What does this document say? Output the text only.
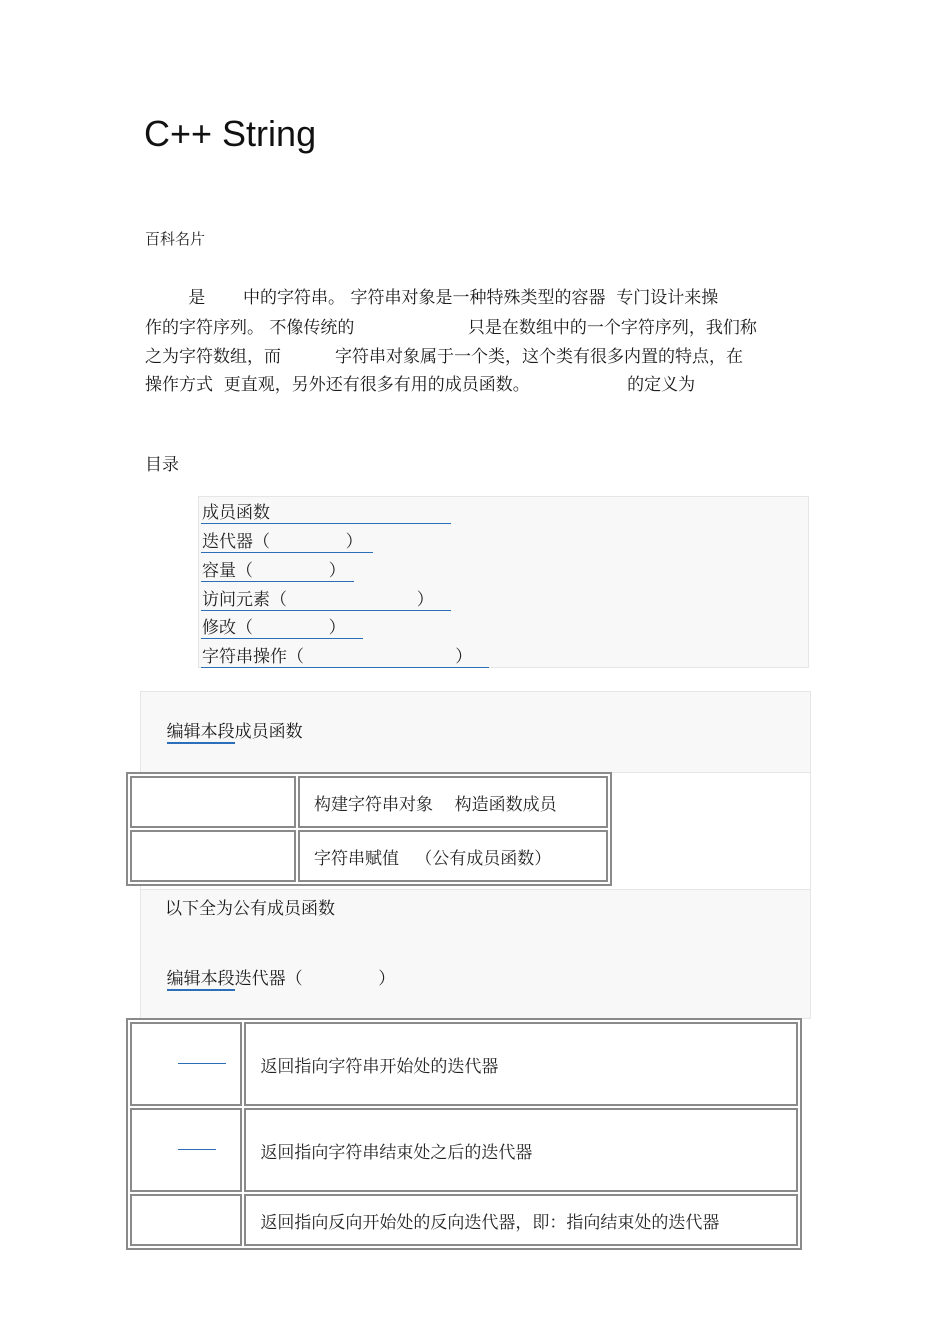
C++ String
百科名片
是       中的字符串。 字符串对象是一种特殊类型的容器  专门设计来操
作的字符序列。 不像传统的                     只是在数组中的一个字符序列，我们称
之为字符数组，而          字符串对象属于一个类，这个类有很多内置的特点，在
操作方式  更直观，另外还有很多有用的成员函数。                  的定义为
目录
成员函数
迭代器（              ）
容量（              ）
访问元素（                        ）
修改（              ）
字符串操作（                            ）

编辑本段成员函数

	构建字符串对象    构造函数成员
	字符串赋值   （公有成员函数）
以下全为公有成员函数

编辑本段迭代器（              ）

	返回指向字符串开始处的迭代器

	返回指向字符串结束处之后的迭代器
	返回指向反向开始处的反向迭代器，即：指向结束处的迭代器
